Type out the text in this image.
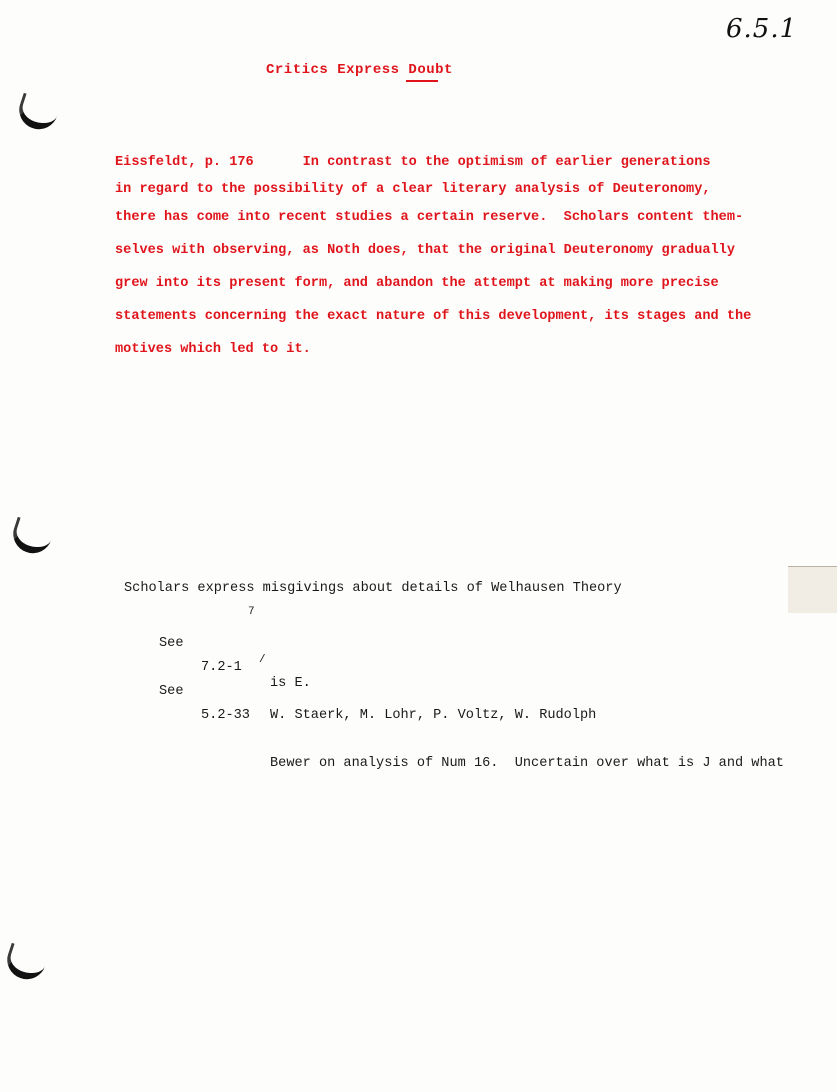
6.5.1
Critics Express Doubt
Eissfeldt, p. 176      In contrast to the optimism of earlier generations
in regard to the possibility of a clear literary analysis of Deuteronomy,
there has come into recent studies a certain reserve.  Scholars content them-
selves with observing, as Noth does, that the original Deuteronomy gradually
grew into its present form, and abandon the attempt at making more precise
statements concerning the exact nature of this development, its stages and the
motives which led to it.
Scholars express misgivings about details of Welhausen Theory

See

7.2-1

7

W. Staerk, M. Lohr, P. Voltz, W. Rudolph

See

5.2-33

/

Bewer on analysis of Num 16.  Uncertain over what is J and what

is E.
